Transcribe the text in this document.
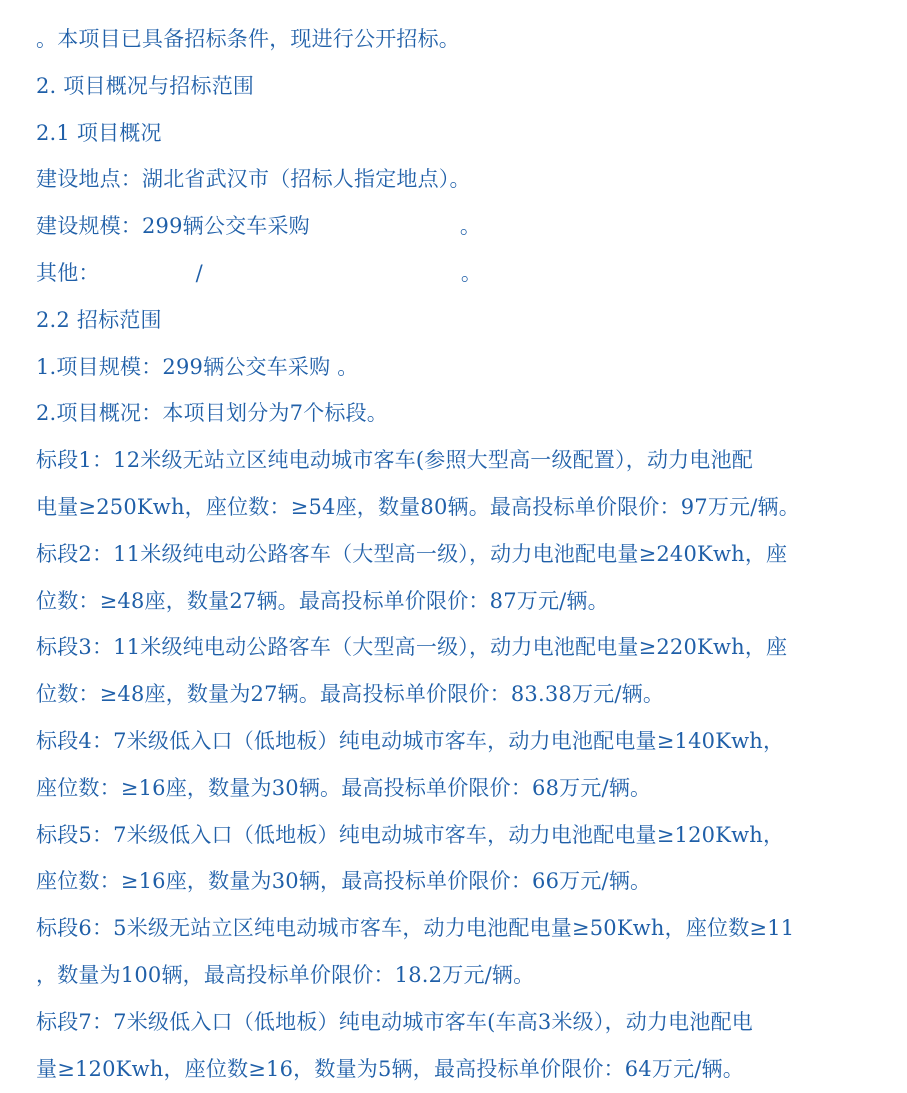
。本项目已具备招标条件，现进行公开招标。
2. 项目概况与招标范围
2.1 项目概况
建设地点：湖北省武汉市（招标人指定地点）。
建设规模：299辆公交车采购	。
其他：	/	。
2.2 招标范围
1.项目规模：299辆公交车采购 。
2.项目概况：本项目划分为7个标段。
标段1：12米级无站立区纯电动城市客车(参照大型高一级配置），动力电池配
电量≥250Kwh，座位数：≥54座，数量80辆。最高投标单价限价：97万元/辆。
标段2：11米级纯电动公路客车（大型高一级），动力电池配电量≥240Kwh，座
位数：≥48座，数量27辆。最高投标单价限价：87万元/辆。
标段3：11米级纯电动公路客车（大型高一级），动力电池配电量≥220Kwh，座
位数：≥48座，数量为27辆。最高投标单价限价：83.38万元/辆。
标段4：7米级低入口（低地板）纯电动城市客车，动力电池配电量≥140Kwh，
座位数：≥16座，数量为30辆。最高投标单价限价：68万元/辆。
标段5：7米级低入口（低地板）纯电动城市客车，动力电池配电量≥120Kwh，
座位数：≥16座，数量为30辆，最高投标单价限价：66万元/辆。
标段6：5米级无站立区纯电动城市客车，动力电池配电量≥50Kwh，座位数≥11
，数量为100辆，最高投标单价限价：18.2万元/辆。
标段7：7米级低入口（低地板）纯电动城市客车(车高3米级），动力电池配电
量≥120Kwh，座位数≥16，数量为5辆，最高投标单价限价：64万元/辆。
